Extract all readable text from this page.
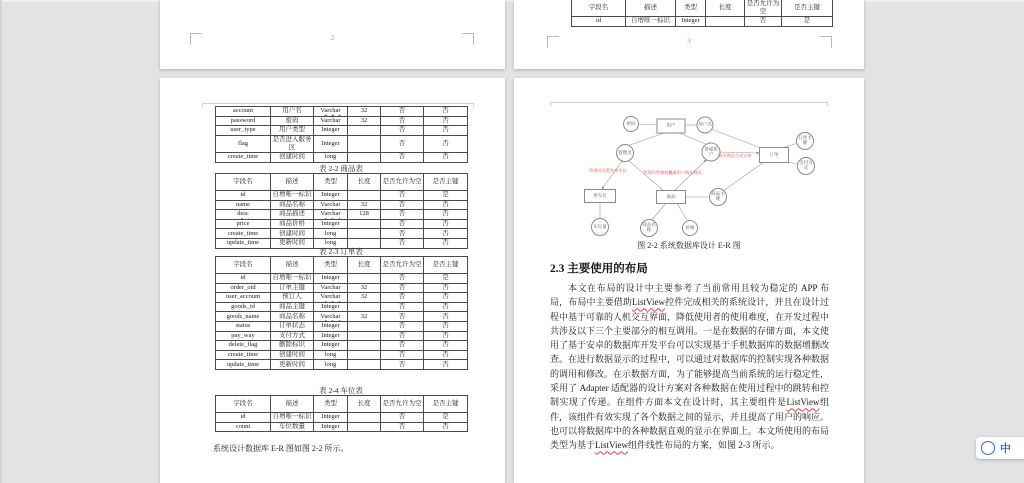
2
字段名	描述	类型	长度	是否允许为空	是否主键
id	自增唯一标识	Integer		否	是
3
account	用户名	Varchar	32	否	否
password	密码	Varchar	32	否	否
user_type	用户类型	Integer		否	否
flag	是否进入服务区	Integer		否	否
create_time	创建时间	long		否	否
表 2-2 商品表
字段名	描述	类型	长度	是否允许为空	是否主键
id	自增唯一标识	Integer		否	是
name	商品名称	Varchar	32	否	否
desc	商品描述	Varchar	128	否	否
price	商品价格	Integer		否	否
create_time	创建时间	long		否	否
update_time	更新时间	long		否	否
表 2-3 订单表
字段名	描述	类型	长度	是否允许为空	是否主键
id	自增唯一标识	Integer		否	是
order_oid	订单主键	Varchar	32	否	否
user_account	预订人	Varchar	32	否	否
goods_id	商品主键	Integer		否	否
goods_name	商品名称	Varchar	32	否	否
status	订单状态	Integer		否	否
pay_way	支付方式	Integer		否	否
delete_flag	删除标识	Integer		否	否
create_time	创建时间	long		否	否
update_time	更新时间	long		否	否
表 2-4 车位表
字段名	描述	类型	长度	是否允许为空	是否主键
id	自增唯一标识	Integer		否	是
count	车位数量	Integer		否	否
系统设计数据库 E-R 图如图 2-2 所示。
密码	用户	用户名
管理员
普通用户	订单
订单主键
支付方式
停车位	商品	商品主键
车位量	商品名称	价格
管理员设置共享车位	管理员管理商品
普通用户购买商品
购买商品生成订单
图 2-2 系统数据库设计 E-R 图
2.3 主要使用的布局
本文在布局的设计中主要参考了当前常用且较为稳定的 APP 布局，布局中主要借助ListView控件完成相关的系统设计，并且在设计过程中基于可靠的人机交互界面，降低使用者的使用难度，在开发过程中共涉及以下三个主要部分的相互调用。一是在数据的存储方面，本文使用了基于安卓的数据库开发平台可以实现基于手机数据库的数据增删改查。在进行数据显示的过程中，可以通过对数据库的控制实现各种数据的调用和修改。在示数据方面，为了能够提高当前系统的运行稳定性，采用了 Adapter 适配器的设计方案对各种数据在使用过程中的跳转和控制实现了传递。在组件方面本文在设计时，其主要组件是ListView组件，该组件有效实现了各个数据之间的显示，并且提高了用户的响应。也可以将数据库中的各种数据直观的显示在界面上。本文所使用的布局类型为基于ListView组件线性布局的方案，如图 2-3 所示。	中
